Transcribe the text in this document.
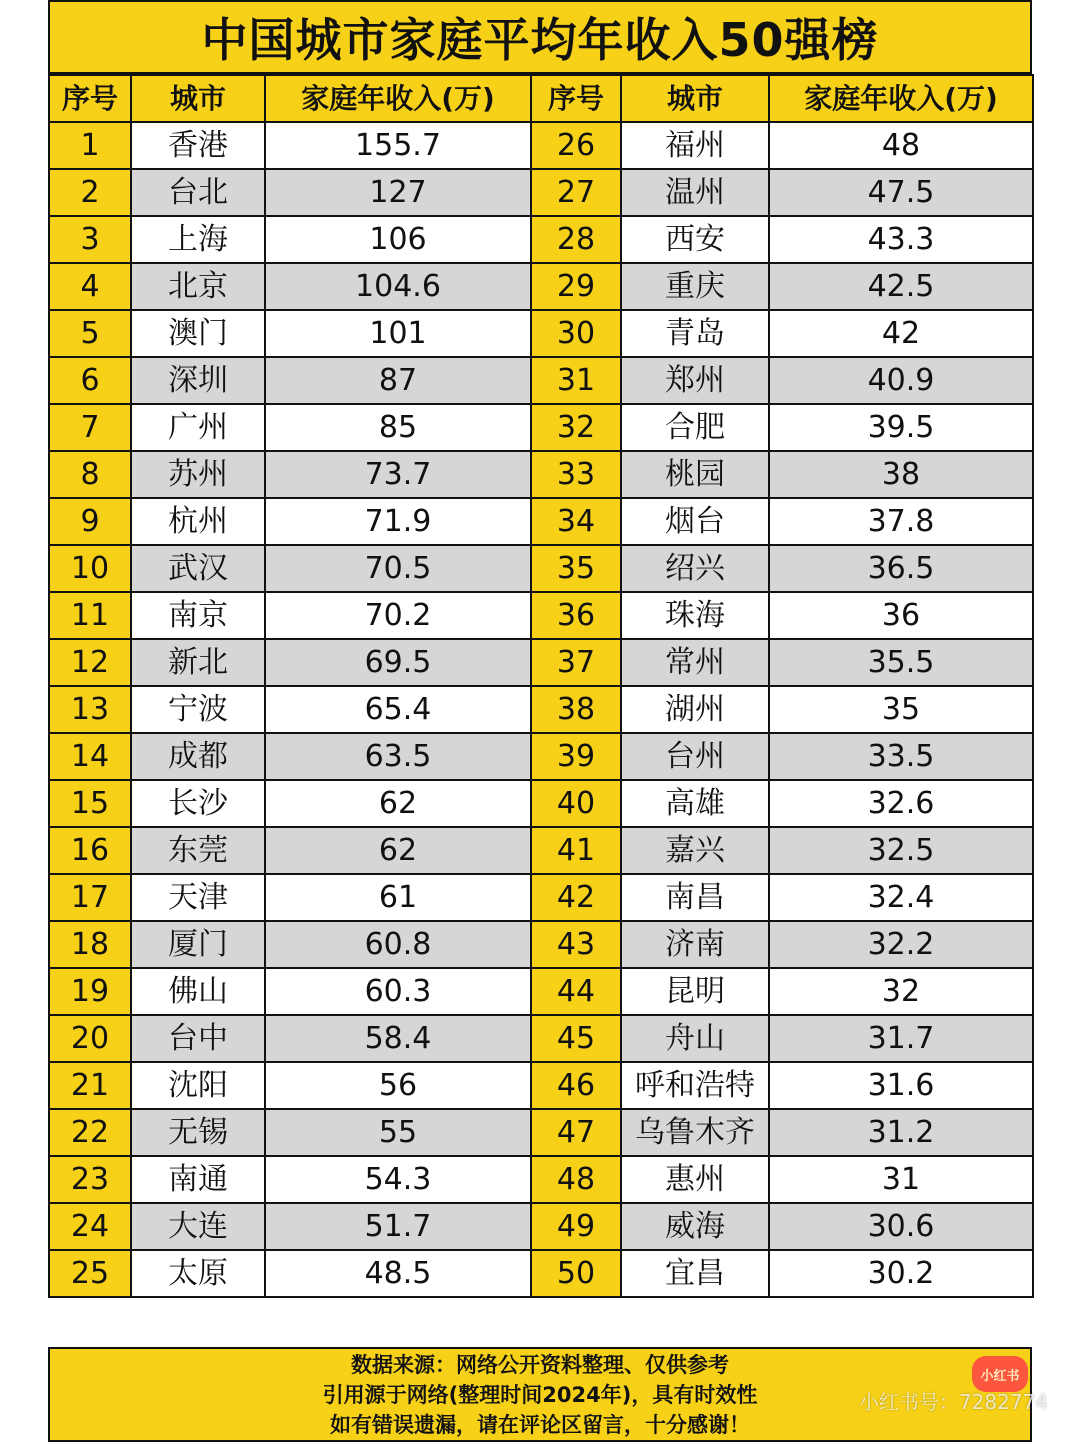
中国城市家庭平均年收入50强榜
序号	城市	家庭年收入(万)	序号	城市	家庭年收入(万)
1	香港	155.7	26	福州	48
2	台北	127	27	温州	47.5
3	上海	106	28	西安	43.3
4	北京	104.6	29	重庆	42.5
5	澳门	101	30	青岛	42
6	深圳	87	31	郑州	40.9
7	广州	85	32	合肥	39.5
8	苏州	73.7	33	桃园	38
9	杭州	71.9	34	烟台	37.8
10	武汉	70.5	35	绍兴	36.5
11	南京	70.2	36	珠海	36
12	新北	69.5	37	常州	35.5
13	宁波	65.4	38	湖州	35
14	成都	63.5	39	台州	33.5
15	长沙	62	40	高雄	32.6
16	东莞	62	41	嘉兴	32.5
17	天津	61	42	南昌	32.4
18	厦门	60.8	43	济南	32.2
19	佛山	60.3	44	昆明	32
20	台中	58.4	45	舟山	31.7
21	沈阳	56	46	呼和浩特	31.6
22	无锡	55	47	乌鲁木齐	31.2
23	南通	54.3	48	惠州	31
24	大连	51.7	49	威海	30.6
25	太原	48.5	50	宜昌	30.2
数据来源：网络公开资料整理、仅供参考
引用源于网络(整理时间2024年)，具有时效性
如有错误遗漏，请在评论区留言，十分感谢！
小红书
小红书号：7282774
